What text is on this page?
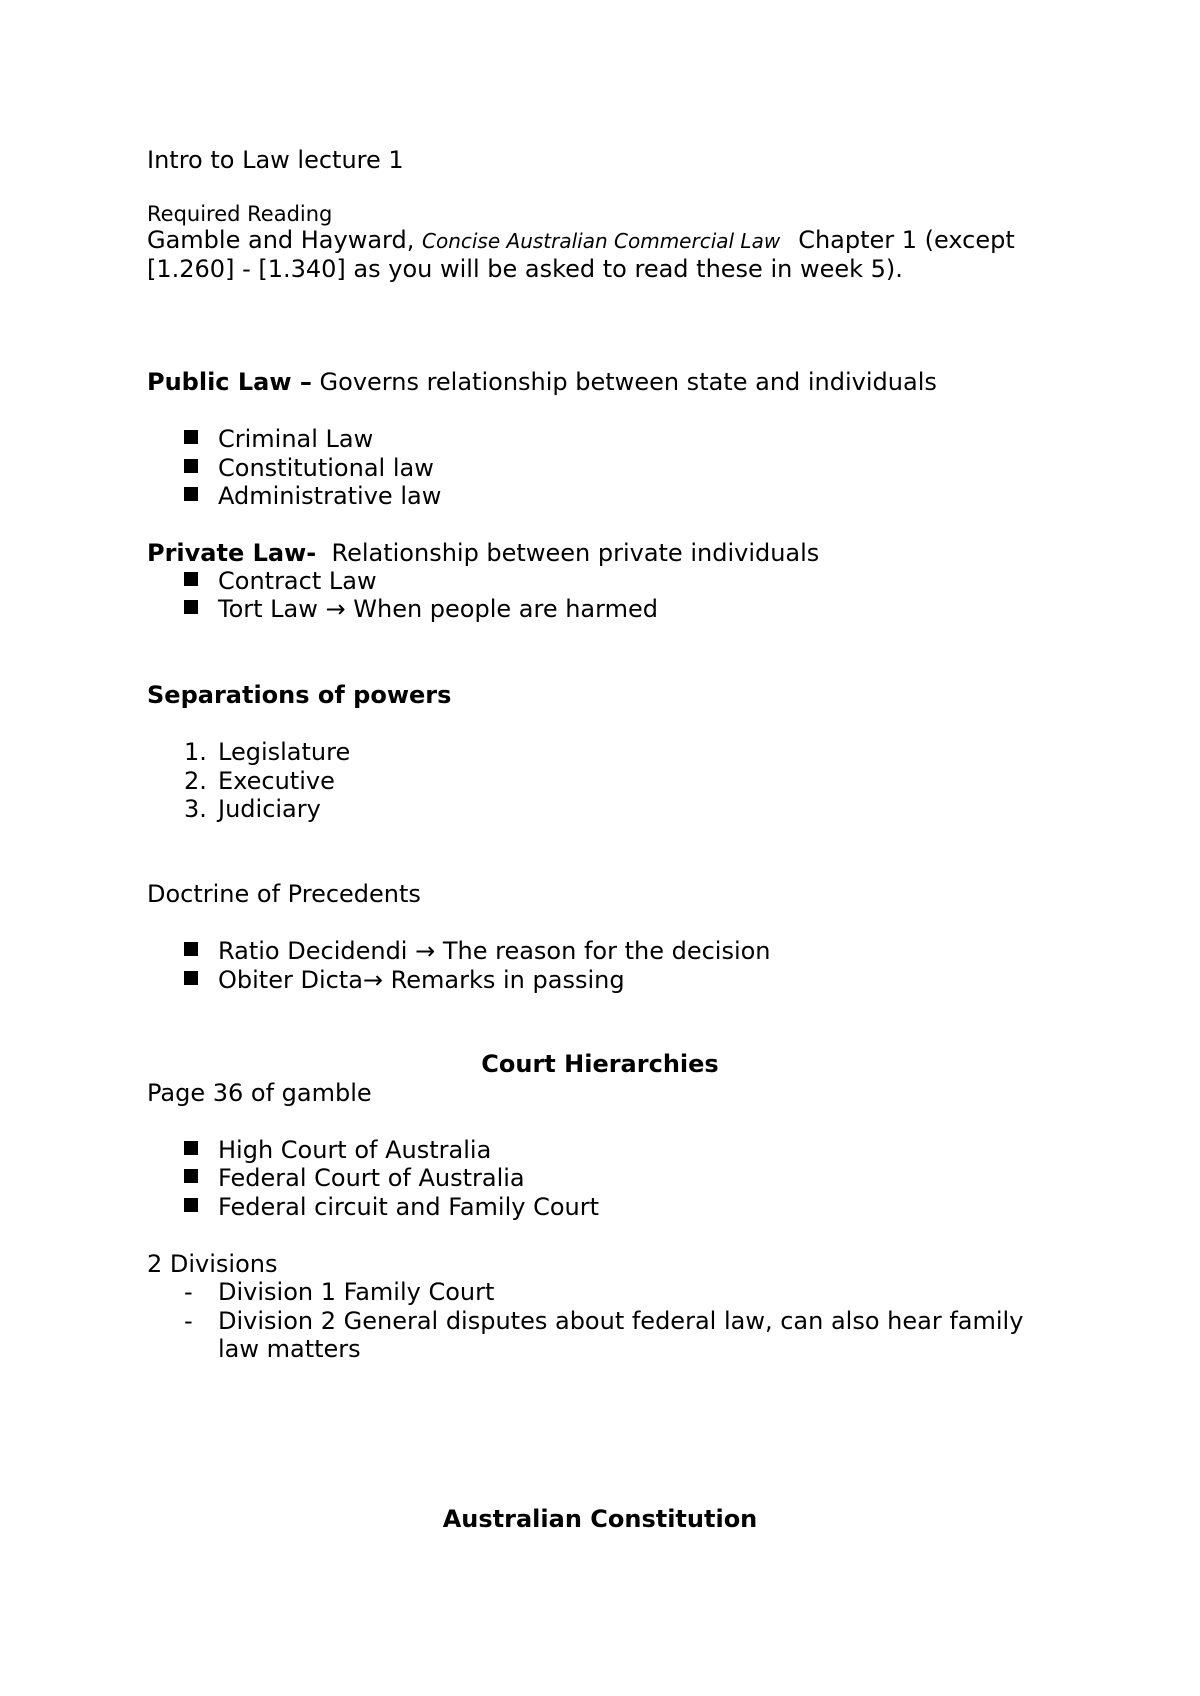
Intro to Law lecture 1
Required Reading
Gamble and Hayward, Concise Australian Commercial Law Chapter 1 (except
[1.260] - [1.340] as you will be asked to read these in week 5).
Public Law – Governs relationship between state and individuals
Criminal Law
Constitutional law
Administrative law
Private Law-  Relationship between private individuals
Contract Law
Tort Law → When people are harmed
Separations of powers
1. Legislature
2. Executive
3. Judiciary
Doctrine of Precedents
Ratio Decidendi → The reason for the decision
Obiter Dicta→ Remarks in passing
Court Hierarchies
Page 36 of gamble
High Court of Australia
Federal Court of Australia
Federal circuit and Family Court
2 Divisions
- Division 1 Family Court
- Division 2 General disputes about federal law, can also hear family
law matters
Australian Constitution
